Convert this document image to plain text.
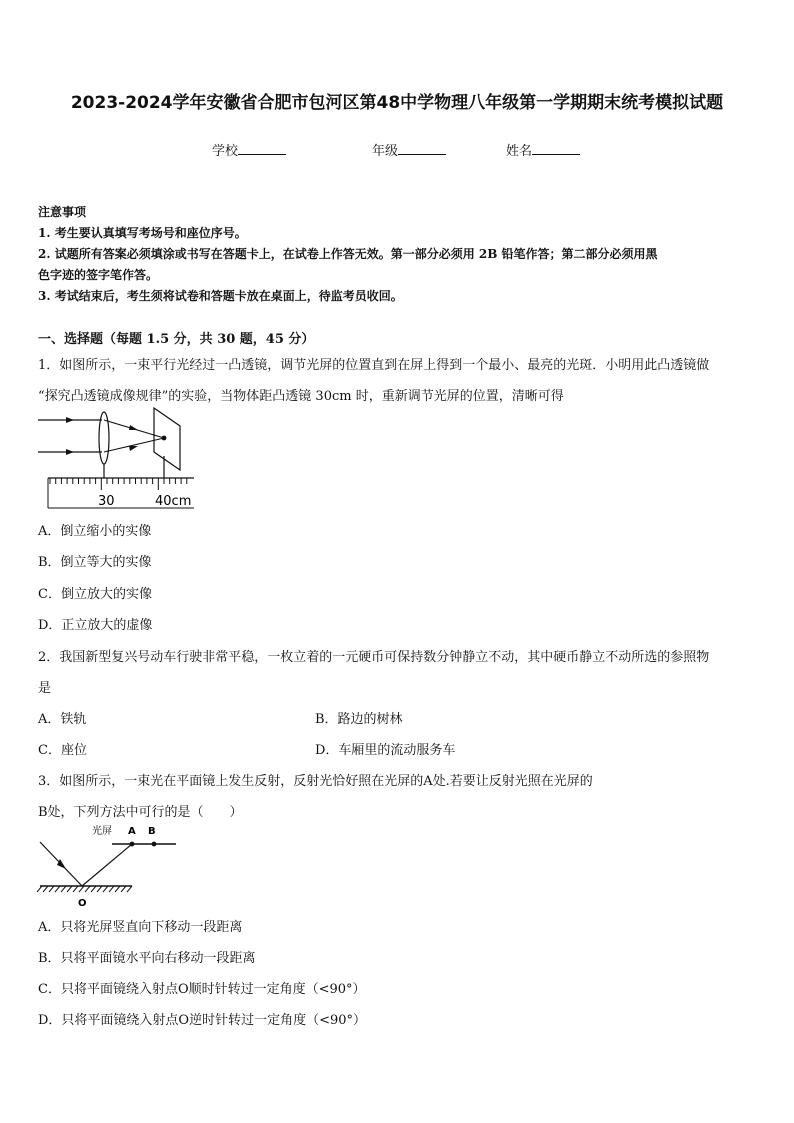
2023-2024学年安徽省合肥市包河区第48中学物理八年级第一学期期末统考模拟试题
学校	年级	姓名
注意事项
1. 考生要认真填写考场号和座位序号。
2. 试题所有答案必须填涂或书写在答题卡上，在试卷上作答无效。第一部分必须用 2B 铅笔作答；第二部分必须用黑
色字迹的签字笔作答。
3. 考试结束后，考生须将试卷和答题卡放在桌面上，待监考员收回。
一、选择题（每题 1.5 分，共 30 题，45 分）
1．如图所示，一束平行光经过一凸透镜，调节光屏的位置直到在屏上得到一个最小、最亮的光斑．小明用此凸透镜做
“探究凸透镜成像规律”的实验，当物体距凸透镜 30cm 时，重新调节光屏的位置，清晰可得
30	40cm
A．倒立缩小的实像
B．倒立等大的实像
C．倒立放大的实像
D．正立放大的虚像
2．我国新型复兴号动车行驶非常平稳，一枚立着的一元硬币可保持数分钟静立不动，其中硬币静立不动所选的参照物
是
A．铁轨	B．路边的树林
C．座位	D．车厢里的流动服务车
3．如图所示，一束光在平面镜上发生反射，反射光恰好照在光屏的A处.若要让反射光照在光屏的
B处，下列方法中可行的是（　　）
光屏 A B
O
A．只将光屏竖直向下移动一段距离
B．只将平面镜水平向右移动一段距离
C．只将平面镜绕入射点O顺时针转过一定角度（<90°）
D．只将平面镜绕入射点O逆时针转过一定角度（<90°）
